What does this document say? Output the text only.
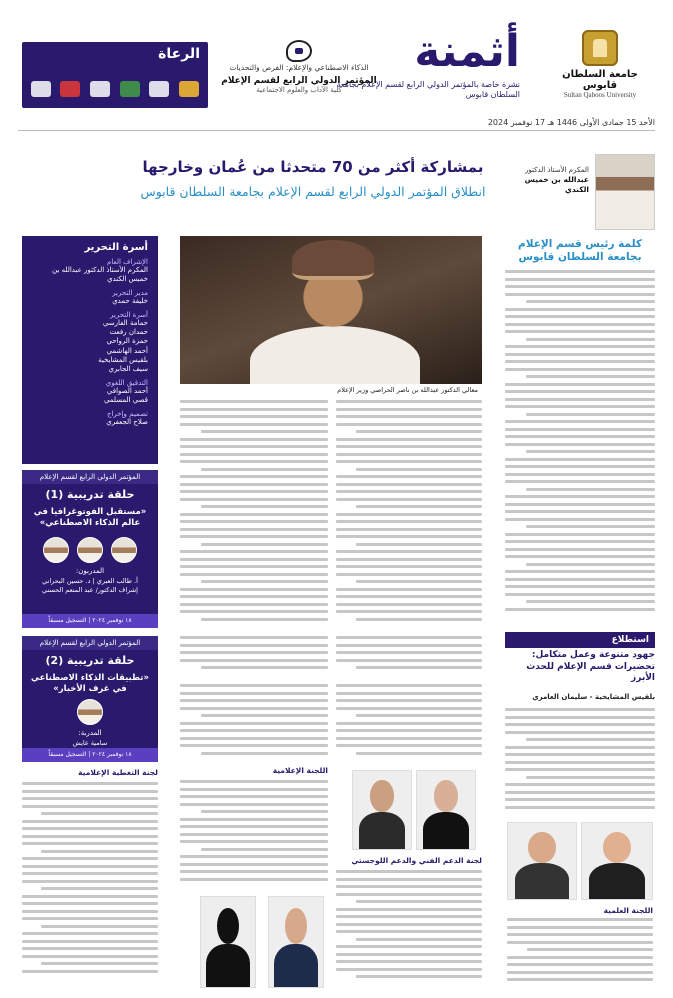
الرعاة
الذكاء الاصطناعي والإعلام: الفرص والتحديات
المؤتمر الدولي الرابع لقسم الإعلام
كلية الآداب والعلوم الاجتماعية
أثمنة
نشرة خاصة بالمؤتمر الدولي الرابع لقسم الإعلام بجامعة السلطان قابوس
جامعة السلطان قابوس
Sultan Qaboos University
الأحد 15 جمادى الأولى 1446 هـ 17 نوفمبر 2024
بمشاركة أكثر من 70 متحدثا من عُمان وخارجها
انطلاق المؤتمر الدولي الرابع لقسم الإعلام بجامعة السلطان قابوس
المكرم الأستاذ الدكتور
عبدالله بن خميس الكندي
كلمة رئيس قسم الإعلام بجامعة السلطان قابوس
أسرة التحرير
الإشراف العام
المكرم الأستاذ الدكتور عبدالله بن خميس الكندي
مدير التحرير
خليفة حمدي
أسرة التحرير
حمامة الفارسي
حمدان رفعت
حمزة الرواحي
أحمد الهاشمي
بلقيس المشايخية
سيف الجابري
التدقيق اللغوي
أحمد الصوافي
قصي المسلمي
تصميم وإخراج
صلاح الجعفري
المؤتمر الدولي الرابع لقسم الإعلام
حلقة تدريبية (1)
«مستقبل الفوتوغرافيا في عالم الذكاء الاصطناعي»
المدربون:
أ. طالب العبري | د. حسين البحراني
إشراف الدكتور/ عبد المنعم الحسني
١٨ نوفمبر ٢٠٢٤ | التسجيل مسبقاً
المؤتمر الدولي الرابع لقسم الإعلام
حلقة تدريبية (2)
«تطبيقات الذكاء الاصطناعي في غرف الأخبار»
المدربة:
سامية عايش
١٨ نوفمبر ٢٠٢٤ | التسجيل مسبقاً
معالي الدكتور عبدالله بن ناصر الحراصي وزير الإعلام
استطلاع
جهود متنوعة وعمل متكامل: تحضيرات قسم الإعلام للحدث الأبرز
بلقيس المشايخية - سليمان العامري
اللجنة العلمية
لجنة الدعم الفني والدعم اللوجستي
اللجنة الإعلامية
لجنة التغطية الإعلامية
